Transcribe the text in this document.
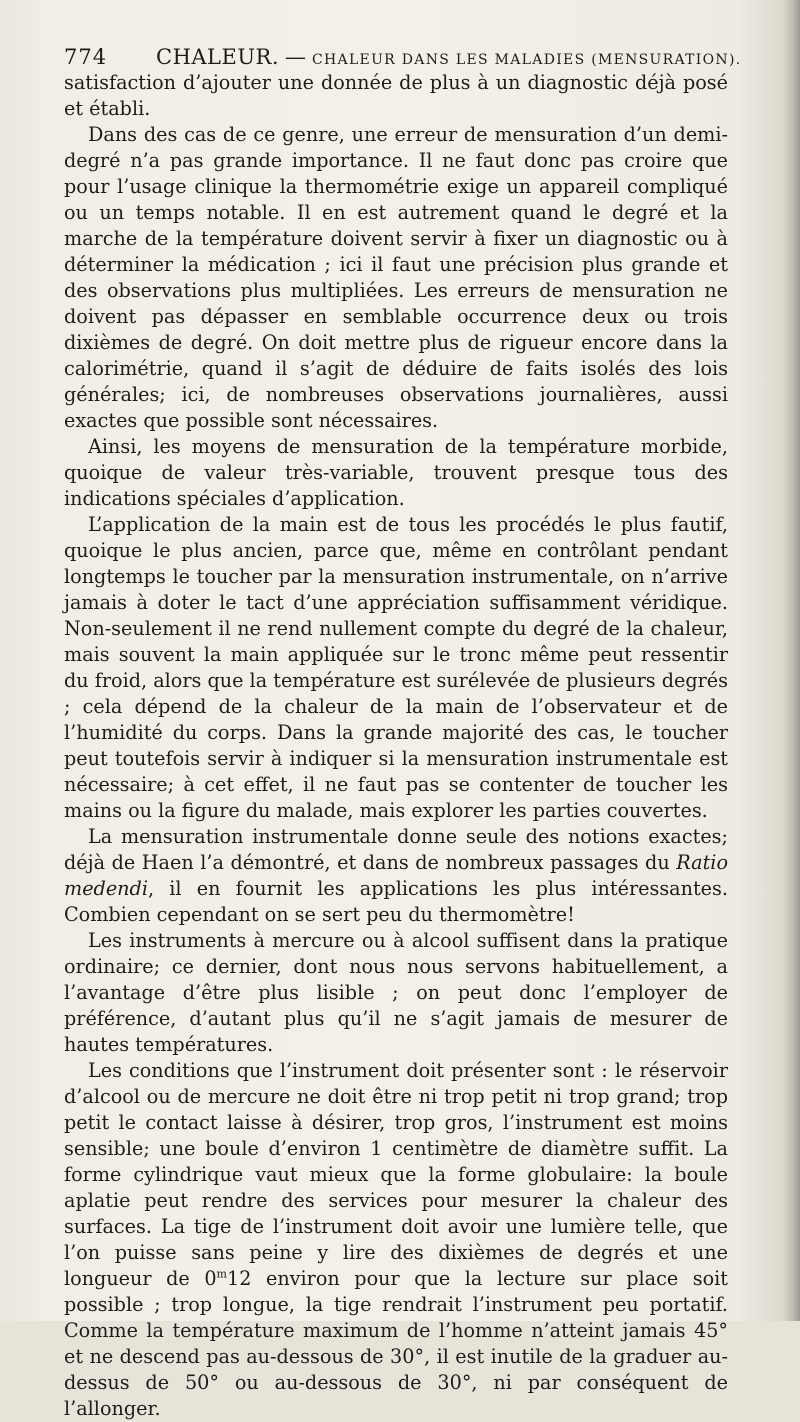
774 CHALEUR. — CHALEUR DANS LES MALADIES (MENSURATION).

satisfaction d’ajouter une donnée de plus à un diagnostic déjà posé et établi.

Dans des cas de ce genre, une erreur de mensuration d’un demi-degré n’a pas grande importance. Il ne faut donc pas croire que pour l’usage clinique la thermométrie exige un appareil compliqué ou un temps notable. Il en est autrement quand le degré et la marche de la température doivent servir à fixer un diagnostic ou à déterminer la médication ; ici il faut une précision plus grande et des observations plus multipliées. Les erreurs de mensuration ne doivent pas dépasser en semblable occurrence deux ou trois dixièmes de degré. On doit mettre plus de rigueur encore dans la calorimétrie, quand il s’agit de déduire de faits isolés des lois générales; ici, de nombreuses observations journalières, aussi exactes que possible sont nécessaires.

Ainsi, les moyens de mensuration de la température morbide, quoique de valeur très-variable, trouvent presque tous des indications spéciales d’application.

L’application de la main est de tous les procédés le plus fautif, quoique le plus ancien, parce que, même en contrôlant pendant longtemps le toucher par la mensuration instrumentale, on n’arrive jamais à doter le tact d’une appréciation suffisamment véridique. Non-seulement il ne rend nullement compte du degré de la chaleur, mais souvent la main appliquée sur le tronc même peut ressentir du froid, alors que la température est surélevée de plusieurs degrés ; cela dépend de la chaleur de la main de l’observateur et de l’humidité du corps. Dans la grande majorité des cas, le toucher peut toutefois servir à indiquer si la mensuration instrumentale est nécessaire; à cet effet, il ne faut pas se contenter de toucher les mains ou la figure du malade, mais explorer les parties couvertes.

La mensuration instrumentale donne seule des notions exactes; déjà de Haen l’a démontré, et dans de nombreux passages du Ratio medendi, il en fournit les applications les plus intéressantes. Combien cependant on se sert peu du thermomètre!

Les instruments à mercure ou à alcool suffisent dans la pratique ordinaire; ce dernier, dont nous nous servons habituellement, a l’avantage d’être plus lisible ; on peut donc l’employer de préférence, d’autant plus qu’il ne s’agit jamais de mesurer de hautes températures.

Les conditions que l’instrument doit présenter sont : le réservoir d’alcool ou de mercure ne doit être ni trop petit ni trop grand; trop petit le contact laisse à désirer, trop gros, l’instrument est moins sensible; une boule d’environ 1 centimètre de diamètre suffit. La forme cylindrique vaut mieux que la forme globulaire: la boule aplatie peut rendre des services pour mesurer la chaleur des surfaces. La tige de l’instrument doit avoir une lumière telle, que l’on puisse sans peine y lire des dixièmes de degrés et une longueur de 0$^m$12 environ pour que la lecture sur place soit possible ; trop longue, la tige rendrait l’instrument peu portatif. Comme la température maximum de l’homme n’atteint jamais 45° et ne descend pas au-dessous de 30°, il est inutile de la graduer au-dessus de 50° ou au-dessous de 30°, ni par conséquent de l’allonger.
